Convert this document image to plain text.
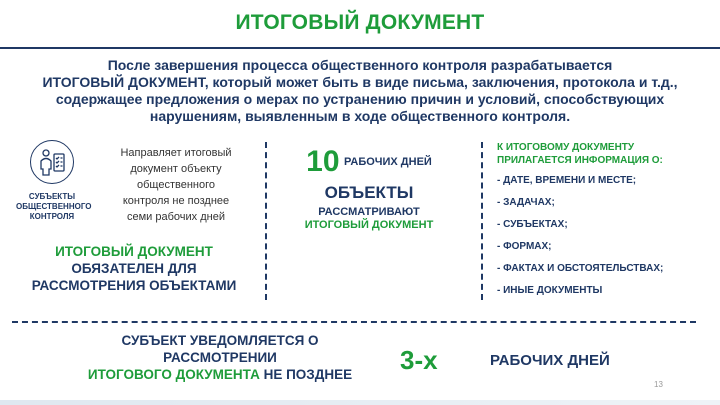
ИТОГОВЫЙ ДОКУМЕНТ
После завершения процесса общественного контроля разрабатывается
ИТОГОВЫЙ ДОКУМЕНТ, который может быть в виде письма, заключения, протокола и т.д.,
содержащее предложения о мерах по устранению причин и условий, способствующих
нарушениям, выявленным в ходе общественного контроля.
СУБЪЕКТЫ
ОБЩЕСТВЕННОГО
КОНТРОЛЯ
Направляет итоговый
документ объекту
общественного
контроля не позднее
семи рабочих дней
ИТОГОВЫЙ ДОКУМЕНТ
ОБЯЗАТЕЛЕН ДЛЯ
РАССМОТРЕНИЯ ОБЪЕКТАМИ
10 РАБОЧИХ ДНЕЙ
ОБЪЕКТЫ
РАССМАТРИВАЮТ
ИТОГОВЫЙ ДОКУМЕНТ
К ИТОГОВОМУ ДОКУМЕНТУ
ПРИЛАГАЕТСЯ ИНФОРМАЦИЯ О:
- ДАТЕ, ВРЕМЕНИ И МЕСТЕ;
- ЗАДАЧАХ;
- СУБЪЕКТАХ;
- ФОРМАХ;
- ФАКТАХ И ОБСТОЯТЕЛЬСТВАХ;
- ИНЫЕ ДОКУМЕНТЫ
СУБЪЕКТ УВЕДОМЛЯЕТСЯ О
РАССМОТРЕНИИ
ИТОГОВОГО ДОКУМЕНТА НЕ ПОЗДНЕЕ	3-х	РАБОЧИХ ДНЕЙ
13
